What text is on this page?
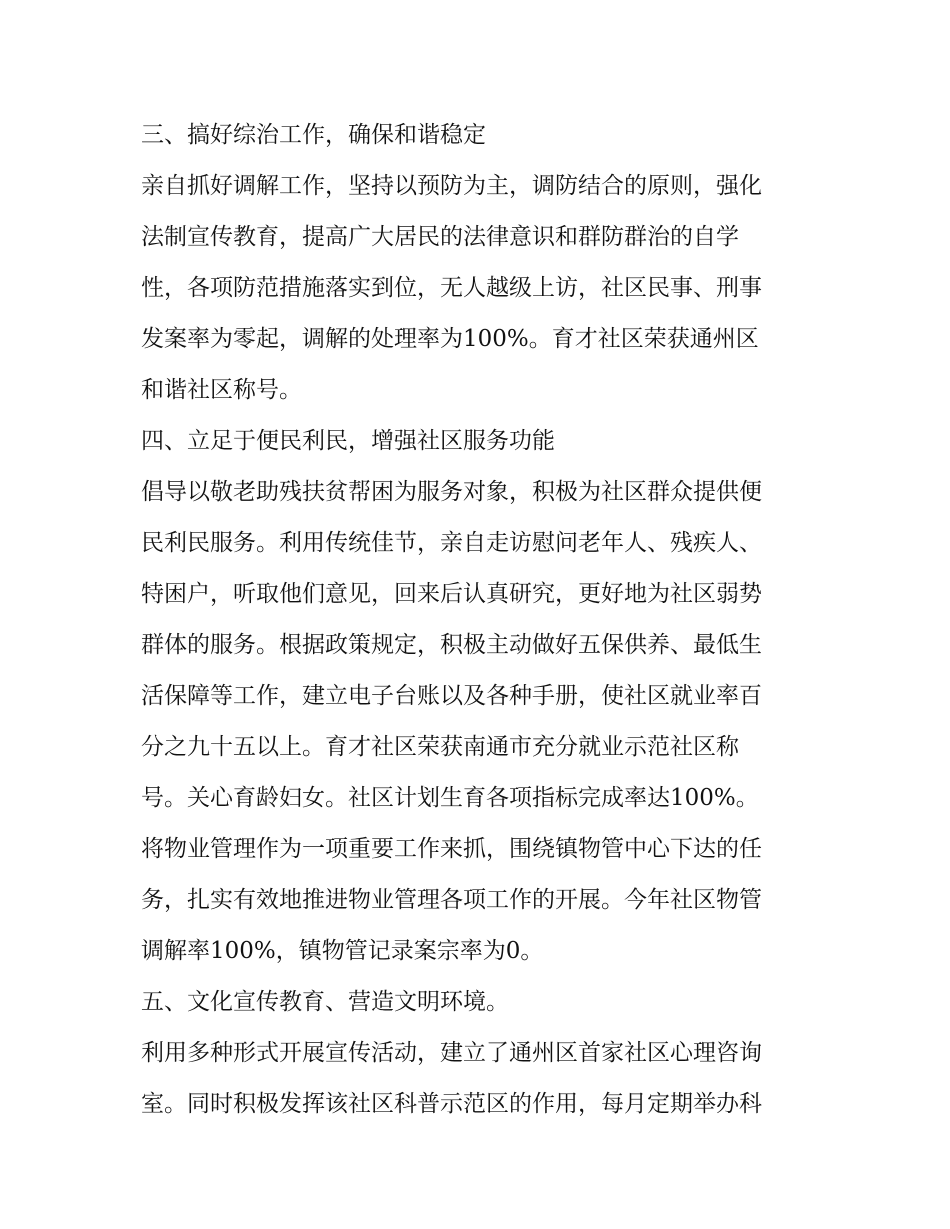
三、搞好综治工作，确保和谐稳定

亲自抓好调解工作，坚持以预防为主，调防结合的原则，强化

法制宣传教育，提高广大居民的法律意识和群防群治的自学

性，各项防范措施落实到位，无人越级上访，社区民事、刑事

发案率为零起，调解的处理率为100%。育才社区荣获通州区

和谐社区称号。

四、立足于便民利民，增强社区服务功能

倡导以敬老助残扶贫帮困为服务对象，积极为社区群众提供便

民利民服务。利用传统佳节，亲自走访慰问老年人、残疾人、

特困户，听取他们意见，回来后认真研究，更好地为社区弱势

群体的服务。根据政策规定，积极主动做好五保供养、最低生

活保障等工作，建立电子台账以及各种手册，使社区就业率百

分之九十五以上。育才社区荣获南通市充分就业示范社区称

号。关心育龄妇女。社区计划生育各项指标完成率达100%。

将物业管理作为一项重要工作来抓，围绕镇物管中心下达的任

务，扎实有效地推进物业管理各项工作的开展。今年社区物管

调解率100%，镇物管记录案宗率为0。

五、文化宣传教育、营造文明环境。

利用多种形式开展宣传活动，建立了通州区首家社区心理咨询

室。同时积极发挥该社区科普示范区的作用，每月定期举办科
